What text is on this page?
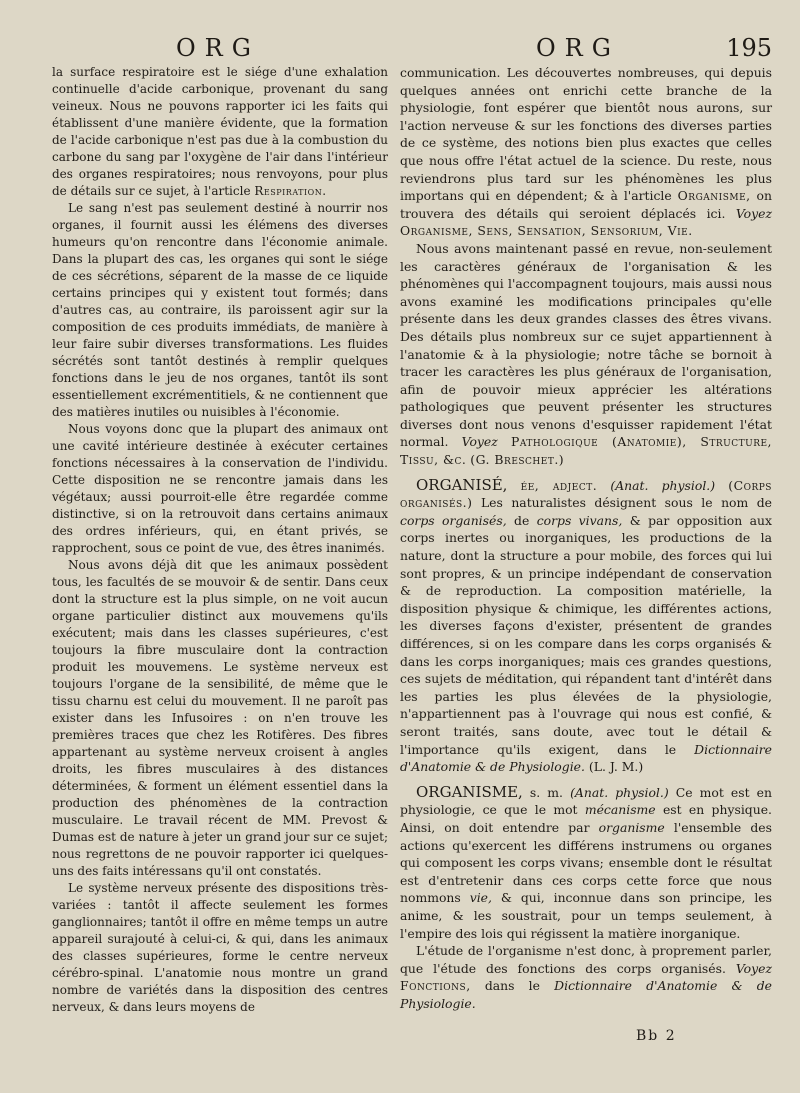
ORG	ORG	195

la surface respiratoire est le siége d'une exhalation continuelle d'acide carbonique, provenant du sang veineux. Nous ne pouvons rapporter ici les faits qui établissent d'une manière évidente, que la formation de l'acide carbonique n'est pas due à la combustion du carbone du sang par l'oxygène de l'air dans l'intérieur des organes respiratoires; nous renvoyons, pour plus de détails sur ce sujet, à l'article Respiration.

Le sang n'est pas seulement destiné à nourrir nos organes, il fournit aussi les élémens des diverses humeurs qu'on rencontre dans l'économie animale. Dans la plupart des cas, les organes qui sont le siége de ces sécrétions, séparent de la masse de ce liquide certains principes qui y existent tout formés; dans d'autres cas, au contraire, ils paroissent agir sur la composition de ces produits immédiats, de manière à leur faire subir diverses transformations. Les fluides sécrétés sont tantôt destinés à remplir quelques fonctions dans le jeu de nos organes, tantôt ils sont essentiellement excrémentitiels, & ne contiennent que des matières inutiles ou nuisibles à l'économie.

Nous voyons donc que la plupart des animaux ont une cavité intérieure destinée à exécuter certaines fonctions nécessaires à la conservation de l'individu. Cette disposition ne se rencontre jamais dans les végétaux; aussi pourroit-elle être regardée comme distinctive, si on la retrouvoit dans certains animaux des ordres inférieurs, qui, en étant privés, se rapprochent, sous ce point de vue, des êtres inanimés.

Nous avons déjà dit que les animaux possèdent tous, les facultés de se mouvoir & de sentir. Dans ceux dont la structure est la plus simple, on ne voit aucun organe particulier distinct aux mouvemens qu'ils exécutent; mais dans les classes supérieures, c'est toujours la fibre musculaire dont la contraction produit les mouvemens. Le système nerveux est toujours l'organe de la sensibilité, de même que le tissu charnu est celui du mouvement. Il ne paroît pas exister dans les Infusoires : on n'en trouve les premières traces que chez les Rotifères. Des fibres appartenant au système nerveux croisent à angles droits, les fibres musculaires à des distances déterminées, & forment un élément essentiel dans la production des phénomènes de la contraction musculaire. Le travail récent de MM. Prevost & Dumas est de nature à jeter un grand jour sur ce sujet; nous regrettons de ne pouvoir rapporter ici quelques-uns des faits intéressans qu'il ont constatés.

Le système nerveux présente des dispositions très-variées : tantôt il affecte seulement les formes ganglionnaires; tantôt il offre en même temps un autre appareil surajouté à celui-ci, & qui, dans les animaux des classes supérieures, forme le centre nerveux cérébro-spinal. L'anatomie nous montre un grand nombre de variétés dans la disposition des centres nerveux, & dans leurs moyens de

communication. Les découvertes nombreuses, qui depuis quelques années ont enrichi cette branche de la physiologie, font espérer que bientôt nous aurons, sur l'action nerveuse & sur les fonctions des diverses parties de ce système, des notions bien plus exactes que celles que nous offre l'état actuel de la science. Du reste, nous reviendrons plus tard sur les phénomènes les plus importans qui en dépendent; & à l'article Organisme, on trouvera des détails qui seroient déplacés ici. Voyez Organisme, Sens, Sensation, Sensorium, Vie.

Nous avons maintenant passé en revue, non-seulement les caractères généraux de l'organisation & les phénomènes qui l'accompagnent toujours, mais aussi nous avons examiné les modifications principales qu'elle présente dans les deux grandes classes des êtres vivans. Des détails plus nombreux sur ce sujet appartiennent à l'anatomie & à la physiologie; notre tâche se bornoit à tracer les caractères les plus généraux de l'organisation, afin de pouvoir mieux apprécier les altérations pathologiques que peuvent présenter les structures diverses dont nous venons d'esquisser rapidement l'état normal. Voyez Pathologique (Anatomie), Structure, Tissu, &c. (G. Breschet.)

ORGANISÉ, ée, adject. (Anat. physiol.) (Corps organisés.) Les naturalistes désignent sous le nom de corps organisés, de corps vivans, & par opposition aux corps inertes ou inorganiques, les productions de la nature, dont la structure a pour mobile, des forces qui lui sont propres, & un principe indépendant de conservation & de reproduction. La composition matérielle, la disposition physique & chimique, les différentes actions, les diverses façons d'exister, présentent de grandes différences, si on les compare dans les corps organisés & dans les corps inorganiques; mais ces grandes questions, ces sujets de méditation, qui répandent tant d'intérêt dans les parties les plus élevées de la physiologie, n'appartiennent pas à l'ouvrage qui nous est confié, & seront traités, sans doute, avec tout le détail & l'importance qu'ils exigent, dans le Dictionnaire d'Anatomie & de Physiologie. (L. J. M.)

ORGANISME, s. m. (Anat. physiol.) Ce mot est en physiologie, ce que le mot mécanisme est en physique. Ainsi, on doit entendre par organisme l'ensemble des actions qu'exercent les différens instrumens ou organes qui composent les corps vivans; ensemble dont le résultat est d'entretenir dans ces corps cette force que nous nommons vie, & qui, inconnue dans son principe, les anime, & les soustrait, pour un temps seulement, à l'empire des lois qui régissent la matière inorganique.

L'étude de l'organisme n'est donc, à proprement parler, que l'étude des fonctions des corps organisés. Voyez Fonctions, dans le Dictionnaire d'Anatomie & de Physiologie.

Bb 2
